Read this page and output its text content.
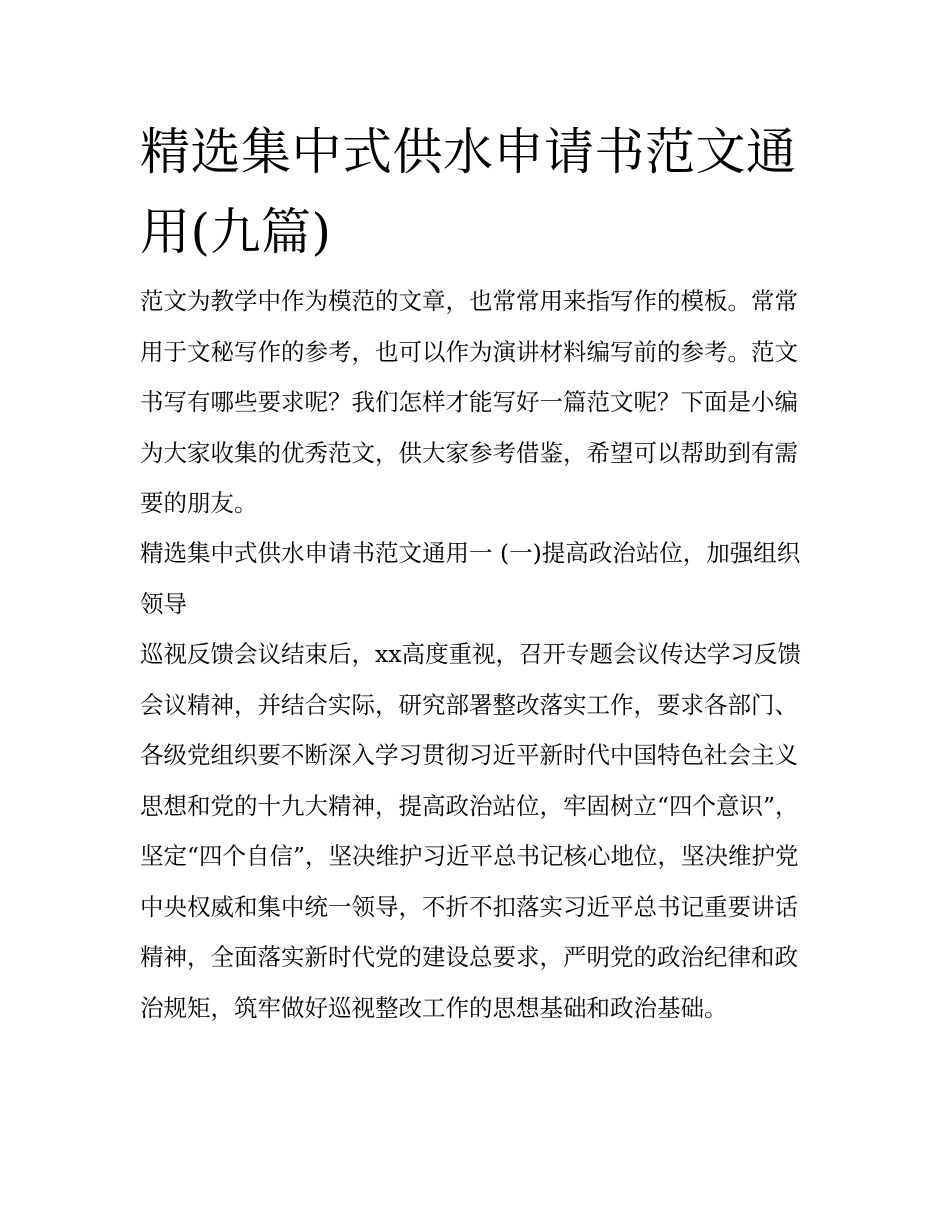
精选集中式供水申请书范文通用(九篇)

范文为教学中作为模范的文章，也常常用来指写作的模板。常常用于文秘写作的参考，也可以作为演讲材料编写前的参考。范文书写有哪些要求呢？我们怎样才能写好一篇范文呢？下面是小编为大家收集的优秀范文，供大家参考借鉴，希望可以帮助到有需要的朋友。

精选集中式供水申请书范文通用一 (一)提高政治站位，加强组织领导

巡视反馈会议结束后，xx高度重视，召开专题会议传达学习反馈会议精神，并结合实际，研究部署整改落实工作，要求各部门、各级党组织要不断深入学习贯彻习近平新时代中国特色社会主义思想和党的十九大精神，提高政治站位，牢固树立“四个意识”，坚定“四个自信”，坚决维护习近平总书记核心地位，坚决维护党中央权威和集中统一领导，不折不扣落实习近平总书记重要讲话精神，全面落实新时代党的建设总要求，严明党的政治纪律和政治规矩，筑牢做好巡视整改工作的思想基础和政治基础。
